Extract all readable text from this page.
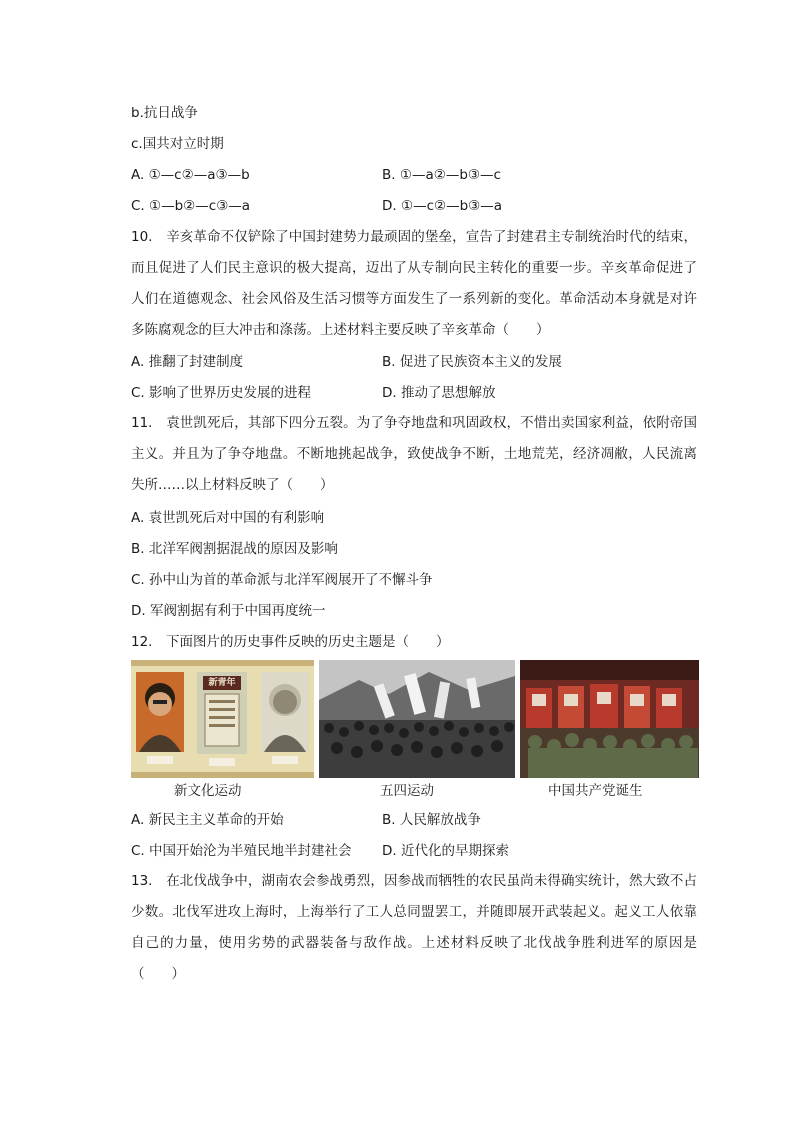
b.抗日战争
c.国共对立时期
A. ①—c②—a③—b	B. ①—a②—b③—c
C. ①—b②—c③—a	D. ①—c②—b③—a
10.　辛亥革命不仅铲除了中国封建势力最顽固的堡垒，宣告了封建君主专制统治时代的结束，而且促进了人们民主意识的极大提高，迈出了从专制向民主转化的重要一步。辛亥革命促进了人们在道德观念、社会风俗及生活习惯等方面发生了一系列新的变化。革命活动本身就是对许多陈腐观念的巨大冲击和涤荡。上述材料主要反映了辛亥革命（　　）
A. 推翻了封建制度	B. 促进了民族资本主义的发展
C. 影响了世界历史发展的进程	D. 推动了思想解放
11.　袁世凯死后，其部下四分五裂。为了争夺地盘和巩固政权，不惜出卖国家利益，依附帝国主义。并且为了争夺地盘。不断地挑起战争，致使战争不断，土地荒芜，经济凋敝，人民流离失所……以上材料反映了（　　）
A. 袁世凯死后对中国的有利影响
B. 北洋军阀割据混战的原因及影响
C. 孙中山为首的革命派与北洋军阀展开了不懈斗争
D. 军阀割据有利于中国再度统一
12.　下面图片的历史事件反映的历史主题是（　　）
新青年
新文化运动	五四运动	中国共产党诞生
A. 新民主主义革命的开始	B. 人民解放战争
C. 中国开始沦为半殖民地半封建社会 D. 近代化的早期探索
13.　在北伐战争中，湖南农会参战勇烈，因参战而牺牲的农民虽尚未得确实统计，然大致不占少数。北伐军进攻上海时，上海举行了工人总同盟罢工，并随即展开武装起义。起义工人依靠自己的力量，使用劣势的武器装备与敌作战。上述材料反映了北伐战争胜利进军的原因是（　　）
